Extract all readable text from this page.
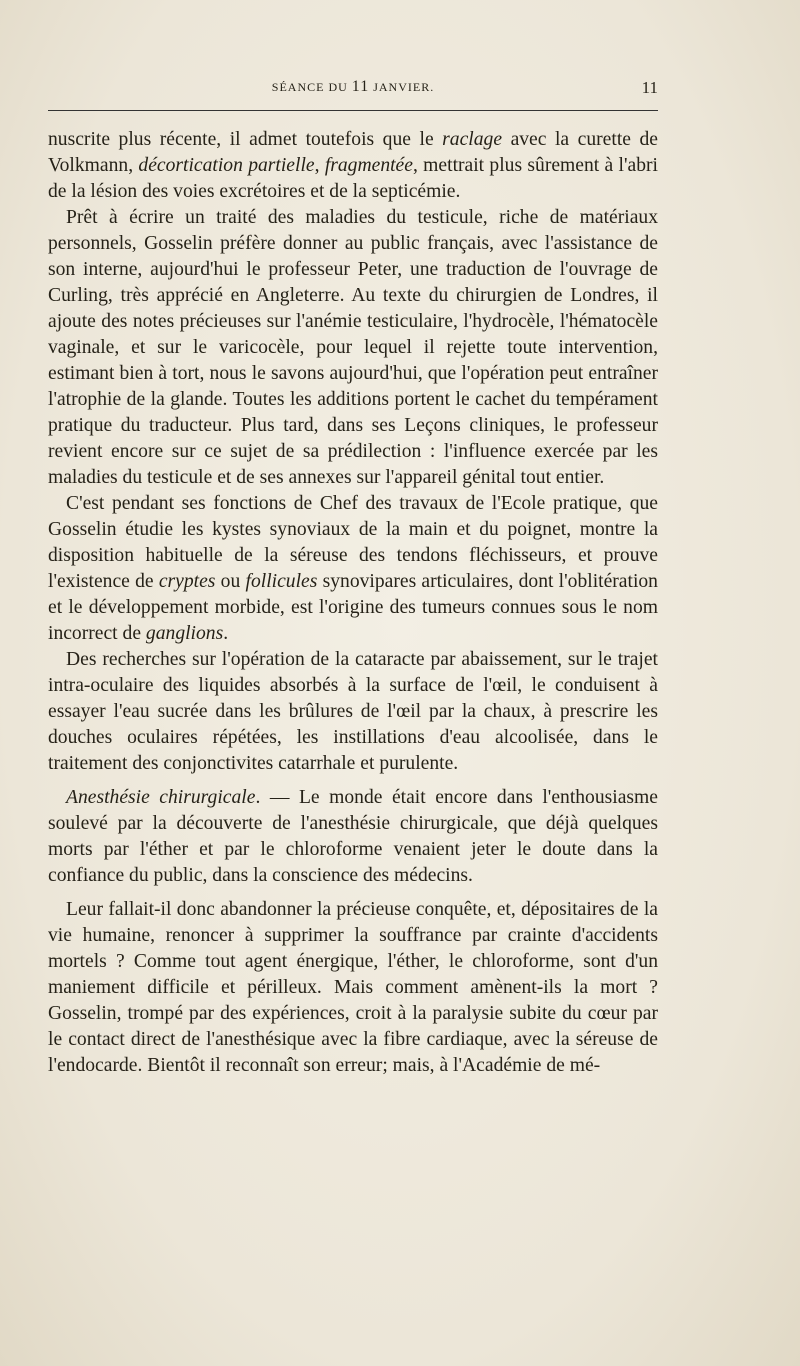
SÉANCE DU 11 JANVIER.	11

nuscrite plus récente, il admet toutefois que le raclage avec la curette de Volkmann, décortication partielle, fragmentée, mettrait plus sûrement à l'abri de la lésion des voies excrétoires et de la septicémie.

Prêt à écrire un traité des maladies du testicule, riche de matériaux personnels, Gosselin préfère donner au public français, avec l'assistance de son interne, aujourd'hui le professeur Peter, une traduction de l'ouvrage de Curling, très apprécié en Angleterre. Au texte du chirurgien de Londres, il ajoute des notes précieuses sur l'anémie testiculaire, l'hydrocèle, l'hématocèle vaginale, et sur le varicocèle, pour lequel il rejette toute intervention, estimant bien à tort, nous le savons aujourd'hui, que l'opération peut entraîner l'atrophie de la glande. Toutes les additions portent le cachet du tempérament pratique du traducteur. Plus tard, dans ses Leçons cliniques, le professeur revient encore sur ce sujet de sa prédilection : l'influence exercée par les maladies du testicule et de ses annexes sur l'appareil génital tout entier.

C'est pendant ses fonctions de Chef des travaux de l'Ecole pratique, que Gosselin étudie les kystes synoviaux de la main et du poignet, montre la disposition habituelle de la séreuse des tendons fléchisseurs, et prouve l'existence de cryptes ou follicules synovipares articulaires, dont l'oblitération et le développement morbide, est l'origine des tumeurs connues sous le nom incorrect de ganglions.

Des recherches sur l'opération de la cataracte par abaissement, sur le trajet intra-oculaire des liquides absorbés à la surface de l'œil, le conduisent à essayer l'eau sucrée dans les brûlures de l'œil par la chaux, à prescrire les douches oculaires répétées, les instillations d'eau alcoolisée, dans le traitement des conjonctivites catarrhale et purulente.

Anesthésie chirurgicale. — Le monde était encore dans l'enthousiasme soulevé par la découverte de l'anesthésie chirurgicale, que déjà quelques morts par l'éther et par le chloroforme venaient jeter le doute dans la confiance du public, dans la conscience des médecins.

Leur fallait-il donc abandonner la précieuse conquête, et, dépositaires de la vie humaine, renoncer à supprimer la souffrance par crainte d'accidents mortels ? Comme tout agent énergique, l'éther, le chloroforme, sont d'un maniement difficile et périlleux. Mais comment amènent-ils la mort ? Gosselin, trompé par des expériences, croit à la paralysie subite du cœur par le contact direct de l'anesthésique avec la fibre cardiaque, avec la séreuse de l'endocarde. Bientôt il reconnaît son erreur; mais, à l'Académie de mé-
